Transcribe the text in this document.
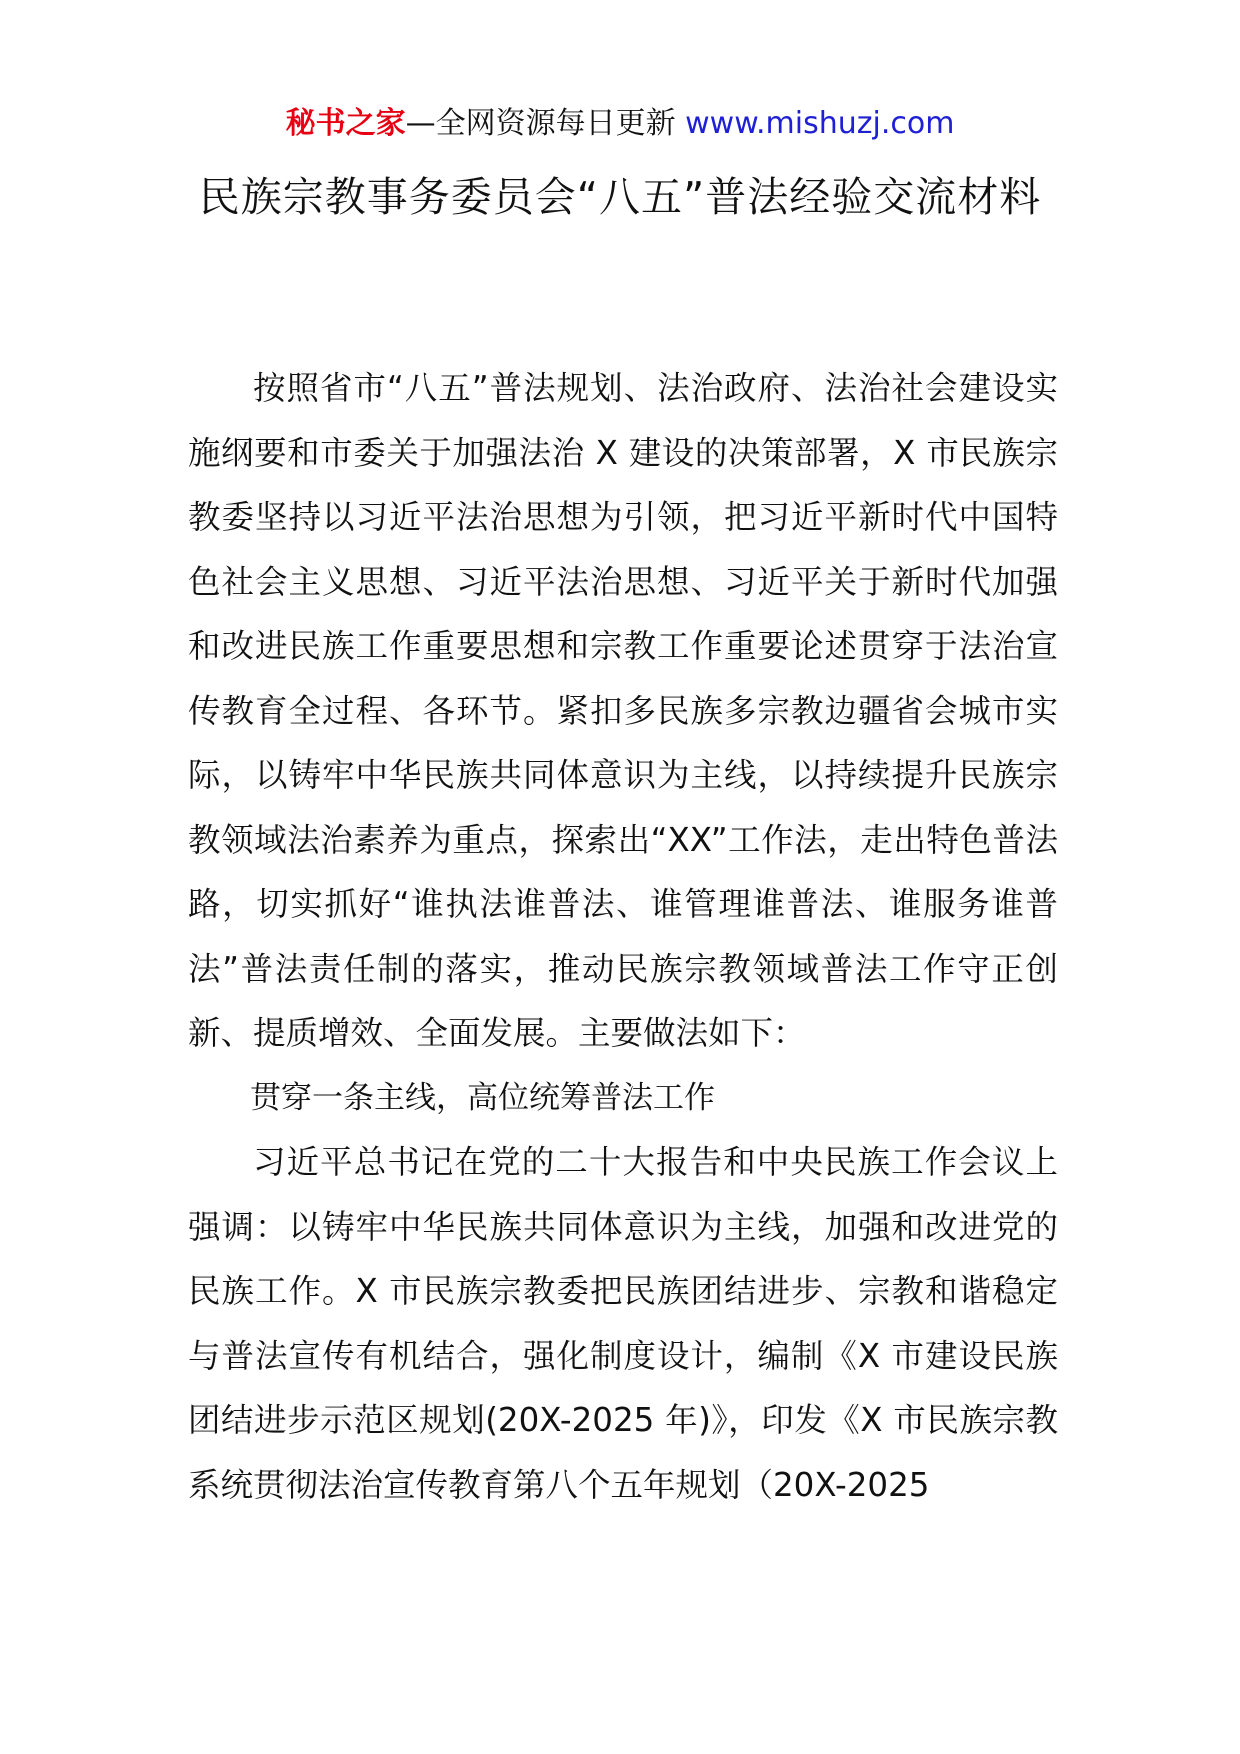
秘书之家—全网资源每日更新 www.mishuzj.com
民族宗教事务委员会“八五”普法经验交流材料

按照省市“八五”普法规划、法治政府、法治社会建设实施纲要和市委关于加强法治 X 建设的决策部署，X 市民族宗教委坚持以习近平法治思想为引领，把习近平新时代中国特色社会主义思想、习近平法治思想、习近平关于新时代加强和改进民族工作重要思想和宗教工作重要论述贯穿于法治宣传教育全过程、各环节。紧扣多民族多宗教边疆省会城市实际，以铸牢中华民族共同体意识为主线，以持续提升民族宗教领域法治素养为重点，探索出“XX”工作法，走出特色普法路，切实抓好“谁执法谁普法、谁管理谁普法、谁服务谁普法”普法责任制的落实，推动民族宗教领域普法工作守正创新、提质增效、全面发展。主要做法如下：

贯穿一条主线，高位统筹普法工作

习近平总书记在党的二十大报告和中央民族工作会议上强调：以铸牢中华民族共同体意识为主线，加强和改进党的民族工作。X 市民族宗教委把民族团结进步、宗教和谐稳定与普法宣传有机结合，强化制度设计，编制《X 市建设民族团结进步示范区规划(20X-2025 年)》，印发《X 市民族宗教系统贯彻法治宣传教育第八个五年规划（20X-2025
